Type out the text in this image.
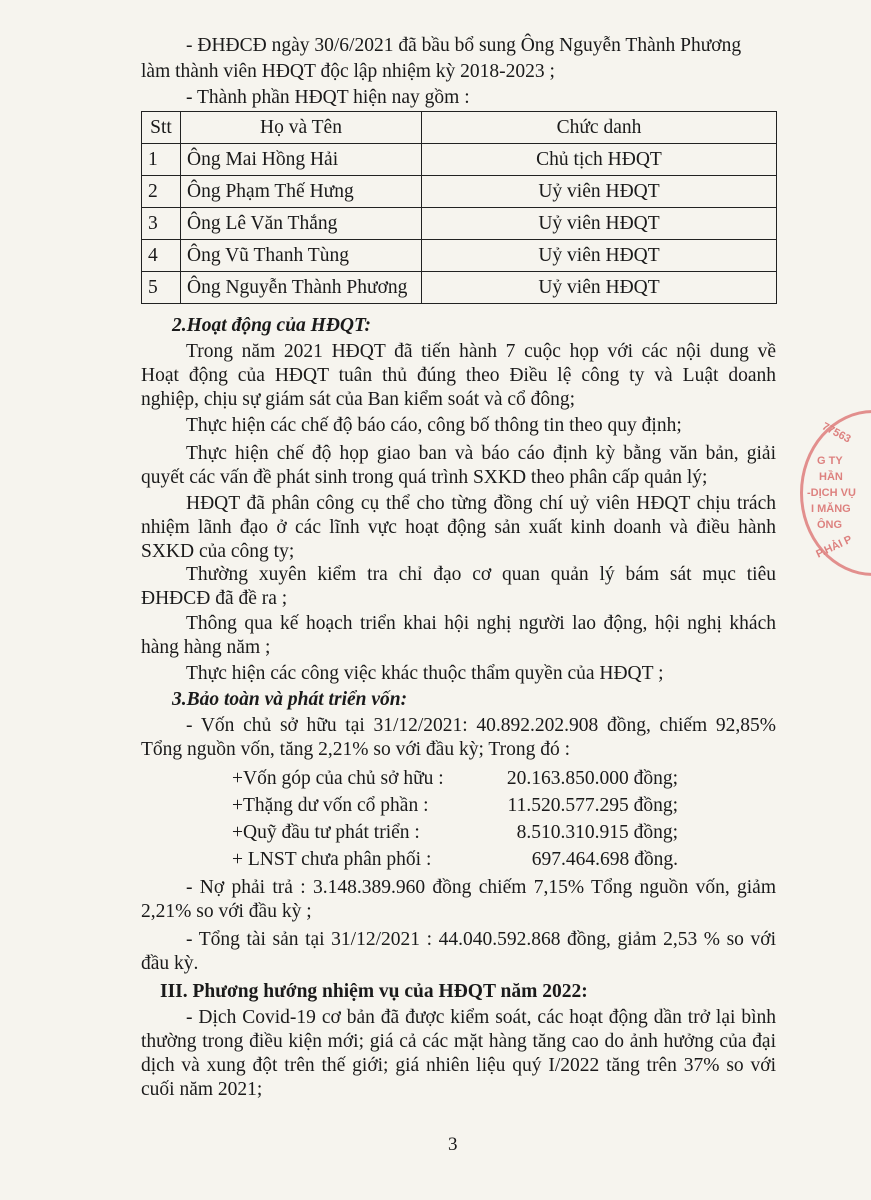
- ĐHĐCĐ ngày 30/6/2021 đã bầu bổ sung Ông Nguyễn Thành Phương
làm thành viên HĐQT độc lập nhiệm kỳ 2018-2023 ;
- Thành phần HĐQT hiện nay gồm :
Stt	Họ và Tên	Chức danh
1	Ông Mai Hồng Hải	Chủ tịch HĐQT
2	Ông Phạm Thế Hưng	Uỷ viên HĐQT
3	Ông Lê Văn Thắng	Uỷ viên HĐQT
4	Ông Vũ Thanh Tùng	Uỷ viên HĐQT
5	Ông Nguyễn Thành Phương	Uỷ viên HĐQT
2.Hoạt động của HĐQT:
Trong năm 2021 HĐQT đã tiến hành 7 cuộc họp với các nội dung về
Hoạt động của HĐQT tuân thủ đúng theo Điều lệ công ty và Luật doanh
nghiệp, chịu sự giám sát của Ban kiểm soát và cổ đông;
Thực hiện các chế độ báo cáo, công bố thông tin theo quy định;
Thực hiện chế độ họp giao ban và báo cáo định kỳ bằng văn bản, giải
quyết các vấn đề phát sinh trong quá trình SXKD theo phân cấp quản lý;
HĐQT đã phân công cụ thể cho từng đồng chí uỷ viên HĐQT chịu trách
nhiệm lãnh đạo ở các lĩnh vực hoạt động sản xuất kinh doanh và điều hành
SXKD của công ty;
Thường xuyên kiểm tra chỉ đạo cơ quan quản lý bám sát mục tiêu
ĐHĐCĐ đã đề ra ;
Thông qua kế hoạch triển khai hội nghị người lao động, hội nghị khách
hàng hàng năm ;
Thực hiện các công việc khác thuộc thẩm quyền của HĐQT ;
3.Bảo toàn và phát triển vốn:
- Vốn chủ sở hữu tại 31/12/2021: 40.892.202.908 đồng, chiếm 92,85%
Tổng nguồn vốn, tăng 2,21% so với đầu kỳ; Trong đó :
+Vốn góp của chủ sở hữu :	20.163.850.000 đồng;
+Thặng dư vốn cổ phần :	11.520.577.295 đồng;
+Quỹ đầu tư phát triển :	8.510.310.915 đồng;
+ LNST chưa phân phối :	697.464.698 đồng.
- Nợ phải trả : 3.148.389.960 đồng chiếm 7,15% Tổng nguồn vốn, giảm
2,21% so với đầu kỳ ;
- Tổng tài sản tại 31/12/2021 : 44.040.592.868 đồng, giảm 2,53 % so với
đầu kỳ.
III. Phương hướng nhiệm vụ của HĐQT năm 2022:
- Dịch Covid-19 cơ bản đã được kiểm soát, các hoạt động dần trở lại bình
thường trong điều kiện mới; giá cả các mặt hàng tăng cao do ảnh hưởng của đại
dịch và xung đột trên thế giới; giá nhiên liệu quý I/2022 tăng trên 37% so với
cuối năm 2021;
3
77563
G TY
HẦN
-DỊCH VỤ
I MĂNG
ÔNG
P.HẢI P
